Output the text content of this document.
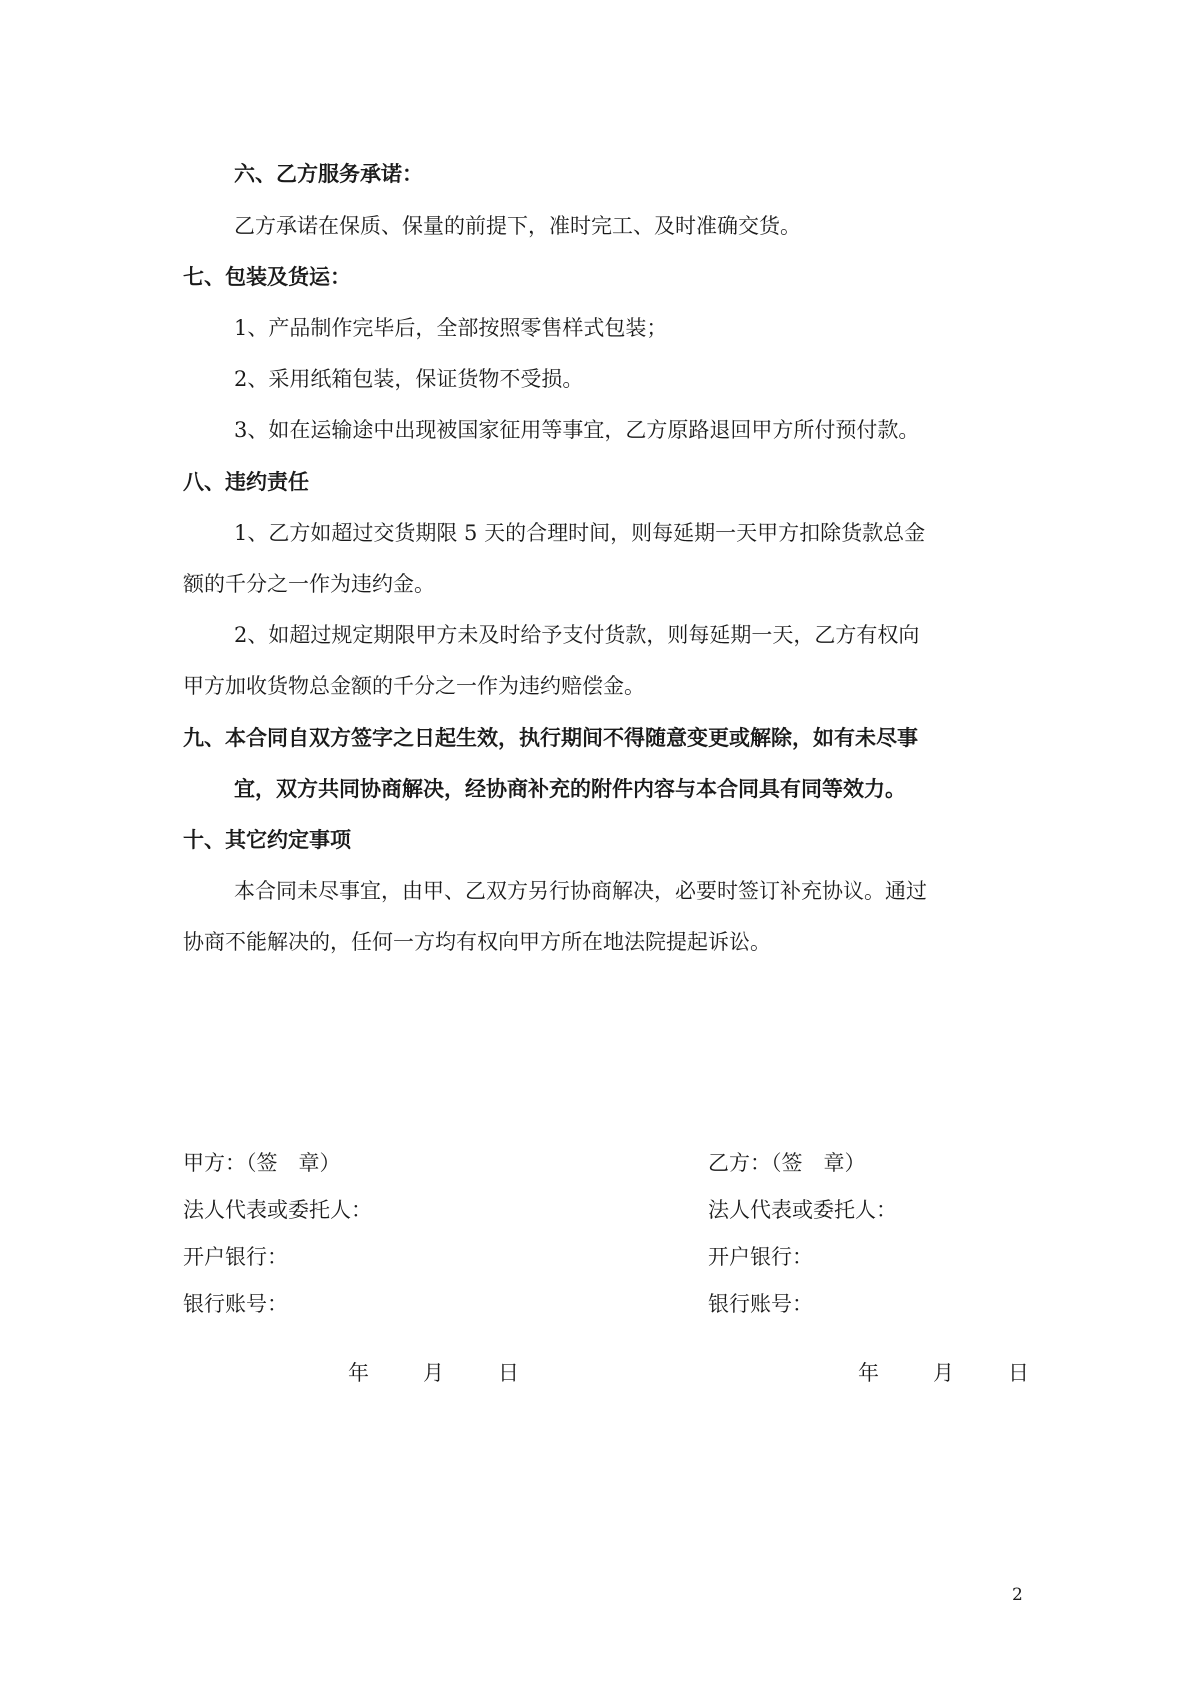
六、乙方服务承诺：
乙方承诺在保质、保量的前提下，准时完工、及时准确交货。
七、包装及货运：
1、产品制作完毕后，全部按照零售样式包装；
2、采用纸箱包装，保证货物不受损。
3、如在运输途中出现被国家征用等事宜，乙方原路退回甲方所付预付款。
八、违约责任
1、乙方如超过交货期限 5 天的合理时间，则每延期一天甲方扣除货款总金
额的千分之一作为违约金。
2、如超过规定期限甲方未及时给予支付货款，则每延期一天，乙方有权向
甲方加收货物总金额的千分之一作为违约赔偿金。
九、本合同自双方签字之日起生效，执行期间不得随意变更或解除，如有未尽事
宜，双方共同协商解决，经协商补充的附件内容与本合同具有同等效力。
十、其它约定事项
本合同未尽事宜，由甲、乙双方另行协商解决，必要时签订补充协议。通过
协商不能解决的，任何一方均有权向甲方所在地法院提起诉讼。
甲方：（签　章）
法人代表或委托人：
开户银行：
银行账号：
乙方：（签　章）
法人代表或委托人：
开户银行：
银行账号：
年	月	日	年	月	日
2
